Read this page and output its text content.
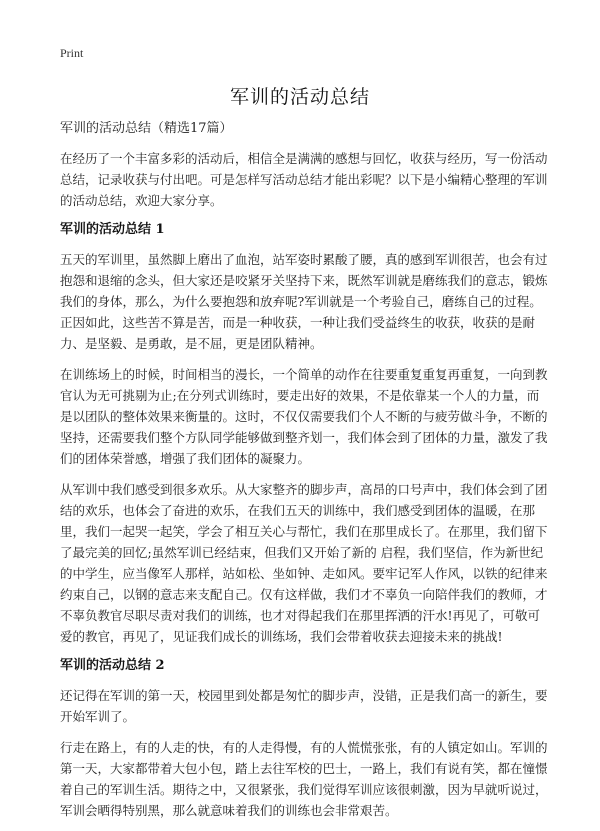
Print
军训的活动总结

军训的活动总结（精选17篇）

在经历了一个丰富多彩的活动后，相信全是满满的感想与回忆，收获与经历，写一份活动总结，记录收获与付出吧。可是怎样写活动总结才能出彩呢？以下是小编精心整理的军训的活动总结，欢迎大家分享。

军训的活动总结 1

五天的军训里，虽然脚上磨出了血泡，站军姿时累酸了腰，真的感到军训很苦，也会有过抱怨和退缩的念头，但大家还是咬紧牙关坚持下来，既然军训就是磨练我们的意志，锻炼我们的身体，那么，为什么要抱怨和放弃呢?军训就是一个考验自己，磨练自己的过程。正因如此，这些苦不算是苦，而是一种收获，一种让我们受益终生的收获，收获的是耐力、是坚毅、是勇敢，是不屈，更是团队精神。

在训练场上的时候，时间相当的漫长，一个简单的动作在往要重复重复再重复，一向到教官认为无可挑剔为止;在分列式训练时，要走出好的效果，不是依靠某一个人的力量，而是以团队的整体效果来衡量的。这时，不仅仅需要我们个人不断的与疲劳做斗争，不断的坚持，还需要我们整个方队同学能够做到整齐划一，我们体会到了团体的力量，激发了我们的团体荣誉感，增强了我们团体的凝聚力。

从军训中我们感受到很多欢乐。从大家整齐的脚步声，高昂的口号声中，我们体会到了团结的欢乐，也体会了奋进的欢乐，在我们五天的训练中，我们感受到团体的温暖，在那里，我们一起哭一起笑，学会了相互关心与帮忙，我们在那里成长了。在那里，我们留下了最完美的回忆;虽然军训已经结束，但我们又开始了新的 启程，我们坚信，作为新世纪的中学生，应当像军人那样，站如松、坐如钟、走如风。要牢记军人作风，以铁的纪律来约束自己，以钢的意志来支配自己。仅有这样做，我们才不辜负一向陪伴我们的教师，才不辜负教官尽职尽责对我们的训练，也才对得起我们在那里挥洒的汗水!再见了，可敬可爱的教官，再见了，见证我们成长的训练场，我们会带着收获去迎接未来的挑战!

军训的活动总结 2

还记得在军训的第一天，校园里到处都是匆忙的脚步声，没错，正是我们高一的新生，要开始军训了。

行走在路上，有的人走的快，有的人走得慢，有的人慌慌张张，有的人镇定如山。军训的第一天，大家都带着大包小包，踏上去往军校的巴士，一路上，我们有说有笑，都在憧憬着自己的军训生活。期待之中，又很紧张，我们觉得军训应该很刺激，因为早就听说过，军训会晒得特别黑，那么就意味着我们的训练也会非常艰苦。
